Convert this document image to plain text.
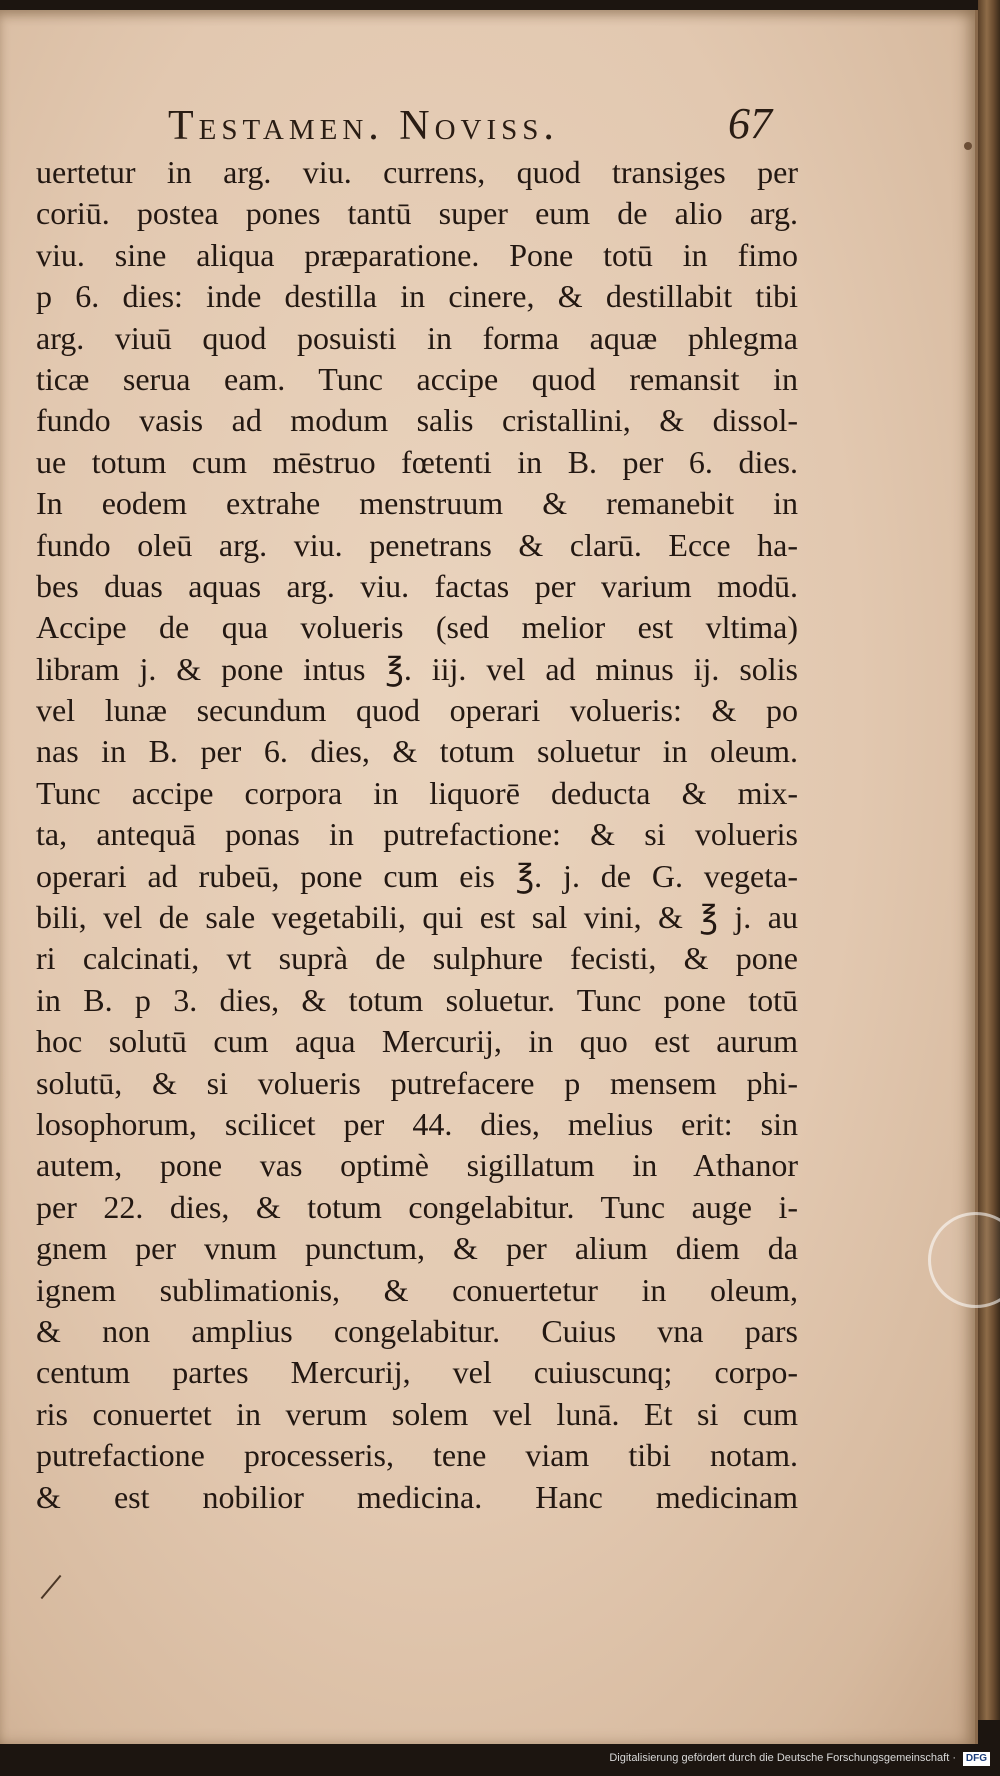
Testamen. Noviss.	67
uertetur in arg. viu. currens, quod transiges per
coriū. postea pones tantū super eum de alio arg.
viu. sine aliqua præparatione. Pone totū in fimo
p 6. dies: inde destilla in cinere, & destillabit tibi
arg. viuū quod posuisti in forma aquæ phlegma
ticæ serua eam. Tunc accipe quod remansit in
fundo vasis ad modum salis cristallini, & dissol-
ue totum cum mēstruo fœtenti in B. per 6. dies.
In eodem extrahe menstruum & remanebit in
fundo oleū arg. viu. penetrans & clarū. Ecce ha-
bes duas aquas arg. viu. factas per varium modū.
Accipe de qua volueris (sed melior est vltima)
libram j. & pone intus ℥. iij. vel ad minus ij. solis
vel lunæ secundum quod operari volueris: & po
nas in B. per 6. dies, & totum soluetur in oleum.
Tunc accipe corpora in liquorē deducta & mix-
ta, antequā ponas in putrefactione: & si volueris
operari ad rubeū, pone cum eis ℥. j. de G. vegeta-
bili, vel de sale vegetabili, qui est sal vini, & ℥ j. au
ri calcinati, vt suprà de sulphure fecisti, & pone
in B. p 3. dies, & totum soluetur. Tunc pone totū
hoc solutū cum aqua Mercurij, in quo est aurum
solutū, & si volueris putrefacere p mensem phi-
losophorum, scilicet per 44. dies, melius erit: sin
autem, pone vas optimè sigillatum in Athanor
per 22. dies, & totum congelabitur. Tunc auge i-
gnem per vnum punctum, & per alium diem da
ignem sublimationis, & conuertetur in oleum,
& non amplius congelabitur. Cuius vna pars
centum partes Mercurij, vel cuiuscunq; corpo-
ris conuertet in verum solem vel lunā. Et si cum
putrefactione processeris, tene viam tibi notam.
& est nobilior medicina. Hanc medicinam
Digitalisierung gefördert durch die Deutsche Forschungsgemeinschaft · DFG
